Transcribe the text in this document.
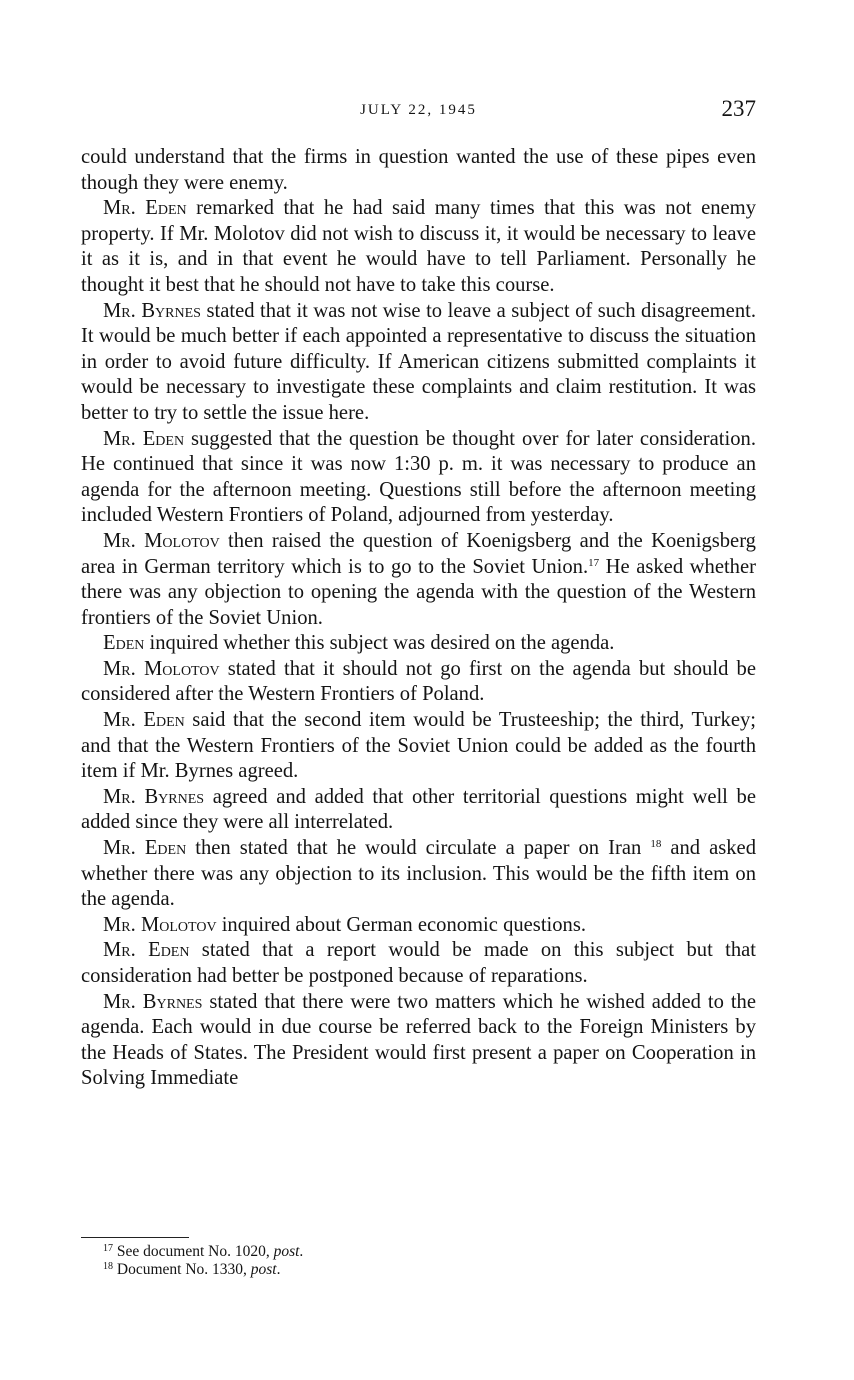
JULY 22, 1945	237

could understand that the firms in question wanted the use of these pipes even though they were enemy.

Mr. Eden remarked that he had said many times that this was not enemy property. If Mr. Molotov did not wish to discuss it, it would be necessary to leave it as it is, and in that event he would have to tell Parliament. Personally he thought it best that he should not have to take this course.

Mr. Byrnes stated that it was not wise to leave a subject of such disagreement. It would be much better if each appointed a representative to discuss the situation in order to avoid future difficulty. If American citizens submitted complaints it would be necessary to investigate these complaints and claim restitution. It was better to try to settle the issue here.

Mr. Eden suggested that the question be thought over for later consideration. He continued that since it was now 1:30 p. m. it was necessary to produce an agenda for the afternoon meeting. Questions still before the afternoon meeting included Western Frontiers of Poland, adjourned from yesterday.

Mr. Molotov then raised the question of Koenigsberg and the Koenigsberg area in German territory which is to go to the Soviet Union.$^{17}$ He asked whether there was any objection to opening the agenda with the question of the Western frontiers of the Soviet Union.

Eden inquired whether this subject was desired on the agenda.

Mr. Molotov stated that it should not go first on the agenda but should be considered after the Western Frontiers of Poland.

Mr. Eden said that the second item would be Trusteeship; the third, Turkey; and that the Western Frontiers of the Soviet Union could be added as the fourth item if Mr. Byrnes agreed.

Mr. Byrnes agreed and added that other territorial questions might well be added since they were all interrelated.

Mr. Eden then stated that he would circulate a paper on Iran $^{18}$ and asked whether there was any objection to its inclusion. This would be the fifth item on the agenda.

Mr. Molotov inquired about German economic questions.

Mr. Eden stated that a report would be made on this subject but that consideration had better be postponed because of reparations.

Mr. Byrnes stated that there were two matters which he wished added to the agenda. Each would in due course be referred back to the Foreign Ministers by the Heads of States. The President would first present a paper on Cooperation in Solving Immediate

$^{17}$ See document No. 1020, post.
$^{18}$ Document No. 1330, post.
